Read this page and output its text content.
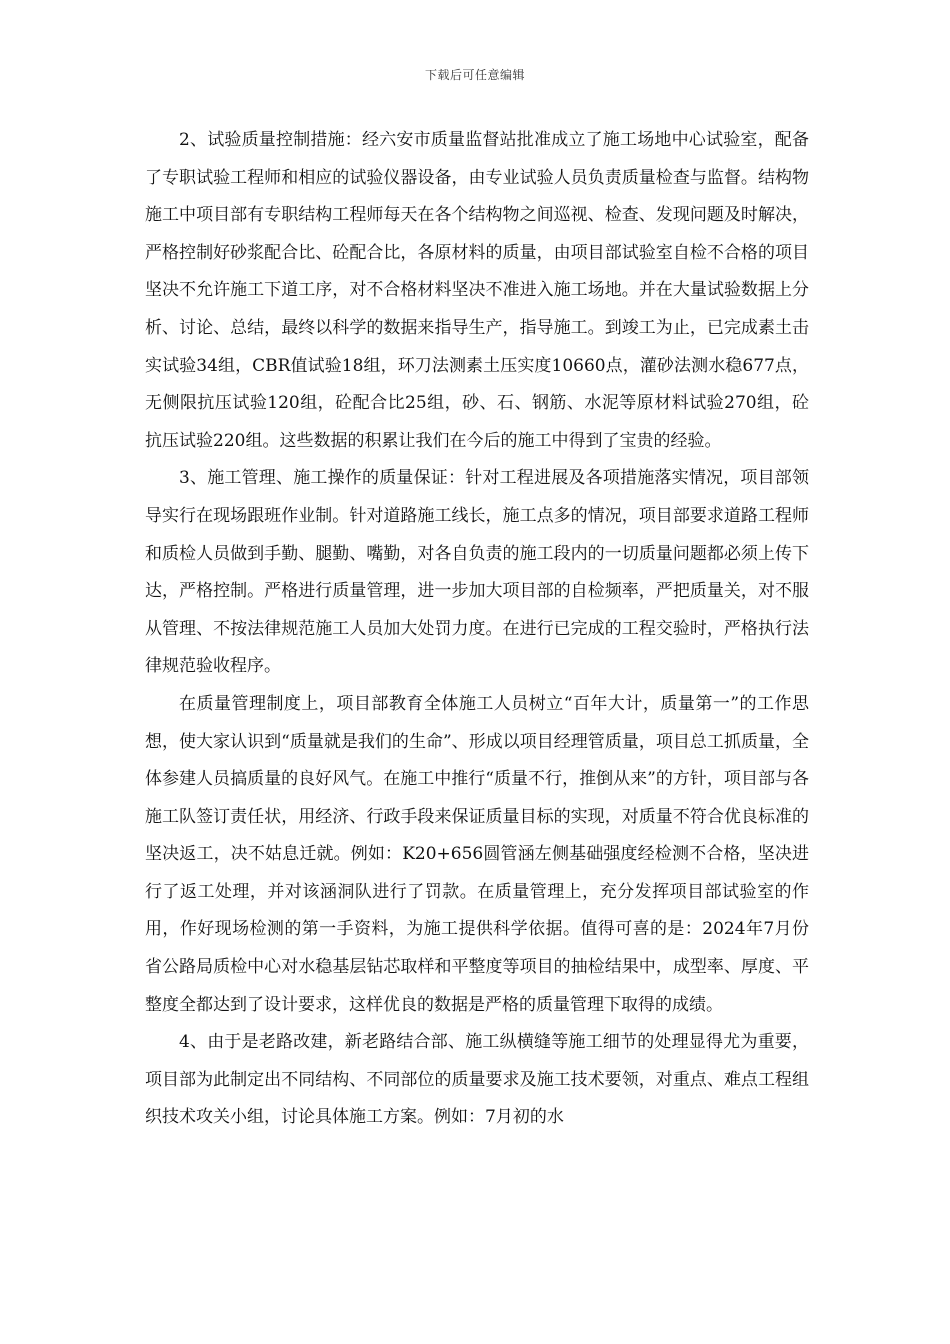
下载后可任意编辑

2、试验质量控制措施：经六安市质量监督站批准成立了施工场地中心试验室，配备了专职试验工程师和相应的试验仪器设备，由专业试验人员负责质量检查与监督。结构物施工中项目部有专职结构工程师每天在各个结构物之间巡视、检查、发现问题及时解决，严格控制好砂浆配合比、砼配合比，各原材料的质量，由项目部试验室自检不合格的项目坚决不允许施工下道工序，对不合格材料坚决不准进入施工场地。并在大量试验数据上分析、讨论、总结，最终以科学的数据来指导生产，指导施工。到竣工为止，已完成素土击实试验34组，CBR值试验18组，环刀法测素土压实度10660点，灌砂法测水稳677点，无侧限抗压试验120组，砼配合比25组，砂、石、钢筋、水泥等原材料试验270组，砼抗压试验220组。这些数据的积累让我们在今后的施工中得到了宝贵的经验。

3、施工管理、施工操作的质量保证：针对工程进展及各项措施落实情况，项目部领导实行在现场跟班作业制。针对道路施工线长，施工点多的情况，项目部要求道路工程师和质检人员做到手勤、腿勤、嘴勤，对各自负责的施工段内的一切质量问题都必须上传下达，严格控制。严格进行质量管理，进一步加大项目部的自检频率，严把质量关，对不服从管理、不按法律规范施工人员加大处罚力度。在进行已完成的工程交验时，严格执行法律规范验收程序。

在质量管理制度上，项目部教育全体施工人员树立“百年大计，质量第一”的工作思想，使大家认识到“质量就是我们的生命”、形成以项目经理管质量，项目总工抓质量，全体参建人员搞质量的良好风气。在施工中推行“质量不行，推倒从来”的方针，项目部与各施工队签订责任状，用经济、行政手段来保证质量目标的实现，对质量不符合优良标准的坚决返工，决不姑息迁就。例如：K20+656圆管涵左侧基础强度经检测不合格，坚决进行了返工处理，并对该涵洞队进行了罚款。在质量管理上，充分发挥项目部试验室的作用，作好现场检测的第一手资料，为施工提供科学依据。值得可喜的是：2024年7月份省公路局质检中心对水稳基层钻芯取样和平整度等项目的抽检结果中，成型率、厚度、平整度全都达到了设计要求，这样优良的数据是严格的质量管理下取得的成绩。

4、由于是老路改建，新老路结合部、施工纵横缝等施工细节的处理显得尤为重要，项目部为此制定出不同结构、不同部位的质量要求及施工技术要领，对重点、难点工程组织技术攻关小组，讨论具体施工方案。例如：7月初的水
